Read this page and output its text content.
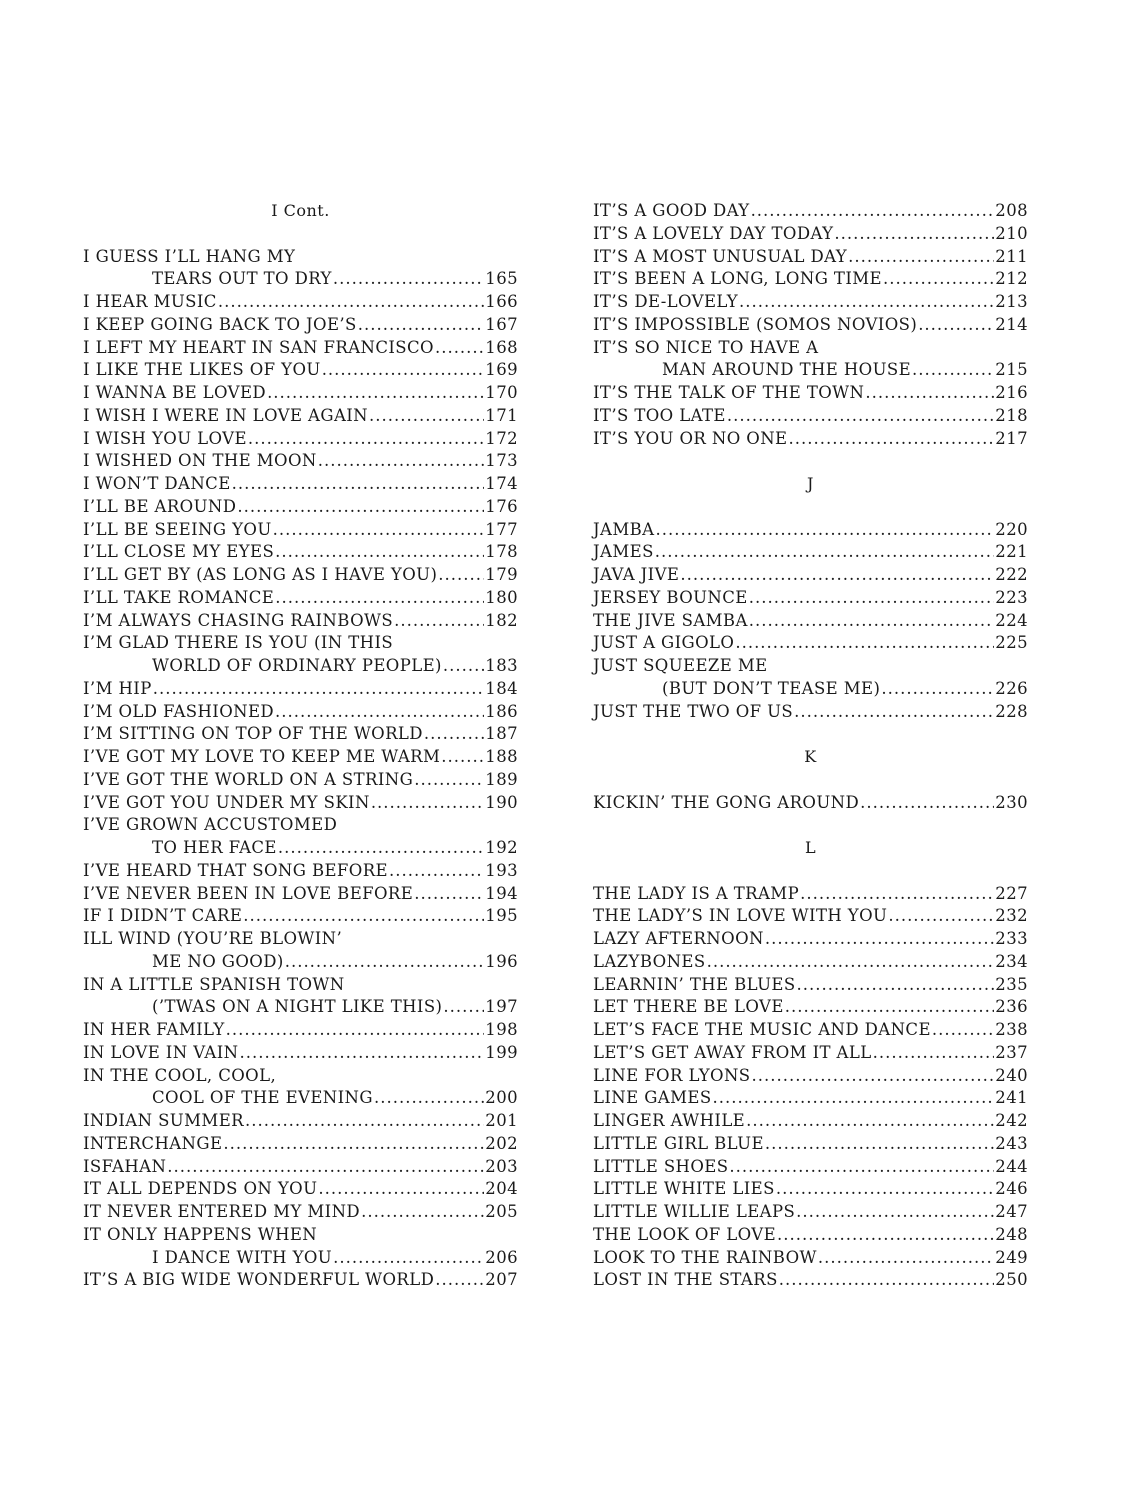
I Cont.
I GUESS I’LL HANG MY
TEARS OUT TO DRY .....	165
I HEAR MUSIC .....	166
I KEEP GOING BACK TO JOE’S .....	167
I LEFT MY HEART IN SAN FRANCISCO .....	168
I LIKE THE LIKES OF YOU .....	169
I WANNA BE LOVED .....	170
I WISH I WERE IN LOVE AGAIN .....	171
I WISH YOU LOVE .....	172
I WISHED ON THE MOON .....	173
I WON’T DANCE .....	174
I’LL BE AROUND .....	176
I’LL BE SEEING YOU .....	177
I’LL CLOSE MY EYES .....	178
I’LL GET BY (AS LONG AS I HAVE YOU) .....	179
I’LL TAKE ROMANCE .....	180
I’M ALWAYS CHASING RAINBOWS .....	182
I’M GLAD THERE IS YOU (IN THIS
WORLD OF ORDINARY PEOPLE) .....	183
I’M HIP .....	184
I’M OLD FASHIONED .....	186
I’M SITTING ON TOP OF THE WORLD .....	187
I’VE GOT MY LOVE TO KEEP ME WARM .....	188
I’VE GOT THE WORLD ON A STRING .....	189
I’VE GOT YOU UNDER MY SKIN .....	190
I’VE GROWN ACCUSTOMED
TO HER FACE .....	192
I’VE HEARD THAT SONG BEFORE .....	193
I’VE NEVER BEEN IN LOVE BEFORE .....	194
IF I DIDN’T CARE .....	195
ILL WIND (YOU’RE BLOWIN’
ME NO GOOD) .....	196
IN A LITTLE SPANISH TOWN
(’TWAS ON A NIGHT LIKE THIS) .....	197
IN HER FAMILY .....	198
IN LOVE IN VAIN .....	199
IN THE COOL, COOL,
COOL OF THE EVENING .....	200
INDIAN SUMMER .....	201
INTERCHANGE .....	202
ISFAHAN .....	203
IT ALL DEPENDS ON YOU .....	204
IT NEVER ENTERED MY MIND .....	205
IT ONLY HAPPENS WHEN
I DANCE WITH YOU .....	206
IT’S A BIG WIDE WONDERFUL WORLD .....	207
IT’S A GOOD DAY .....	208
IT’S A LOVELY DAY TODAY .....	210
IT’S A MOST UNUSUAL DAY .....	211
IT’S BEEN A LONG, LONG TIME .....	212
IT’S DE-LOVELY .....	213
IT’S IMPOSSIBLE (SOMOS NOVIOS) .....	214
IT’S SO NICE TO HAVE A
MAN AROUND THE HOUSE .....	215
IT’S THE TALK OF THE TOWN .....	216
IT’S TOO LATE .....	218
IT’S YOU OR NO ONE .....	217
J
JAMBA .....	220
JAMES .....	221
JAVA JIVE .....	222
JERSEY BOUNCE .....	223
THE JIVE SAMBA .....	224
JUST A GIGOLO .....	225
JUST SQUEEZE ME
(BUT DON’T TEASE ME) .....	226
JUST THE TWO OF US .....	228
K
KICKIN’ THE GONG AROUND .....	230
L
THE LADY IS A TRAMP .....	227
THE LADY’S IN LOVE WITH YOU .....	232
LAZY AFTERNOON .....	233
LAZYBONES .....	234
LEARNIN’ THE BLUES .....	235
LET THERE BE LOVE .....	236
LET’S FACE THE MUSIC AND DANCE .....	238
LET’S GET AWAY FROM IT ALL .....	237
LINE FOR LYONS .....	240
LINE GAMES .....	241
LINGER AWHILE .....	242
LITTLE GIRL BLUE .....	243
LITTLE SHOES .....	244
LITTLE WHITE LIES .....	246
LITTLE WILLIE LEAPS .....	247
THE LOOK OF LOVE .....	248
LOOK TO THE RAINBOW .....	249
LOST IN THE STARS .....	250
